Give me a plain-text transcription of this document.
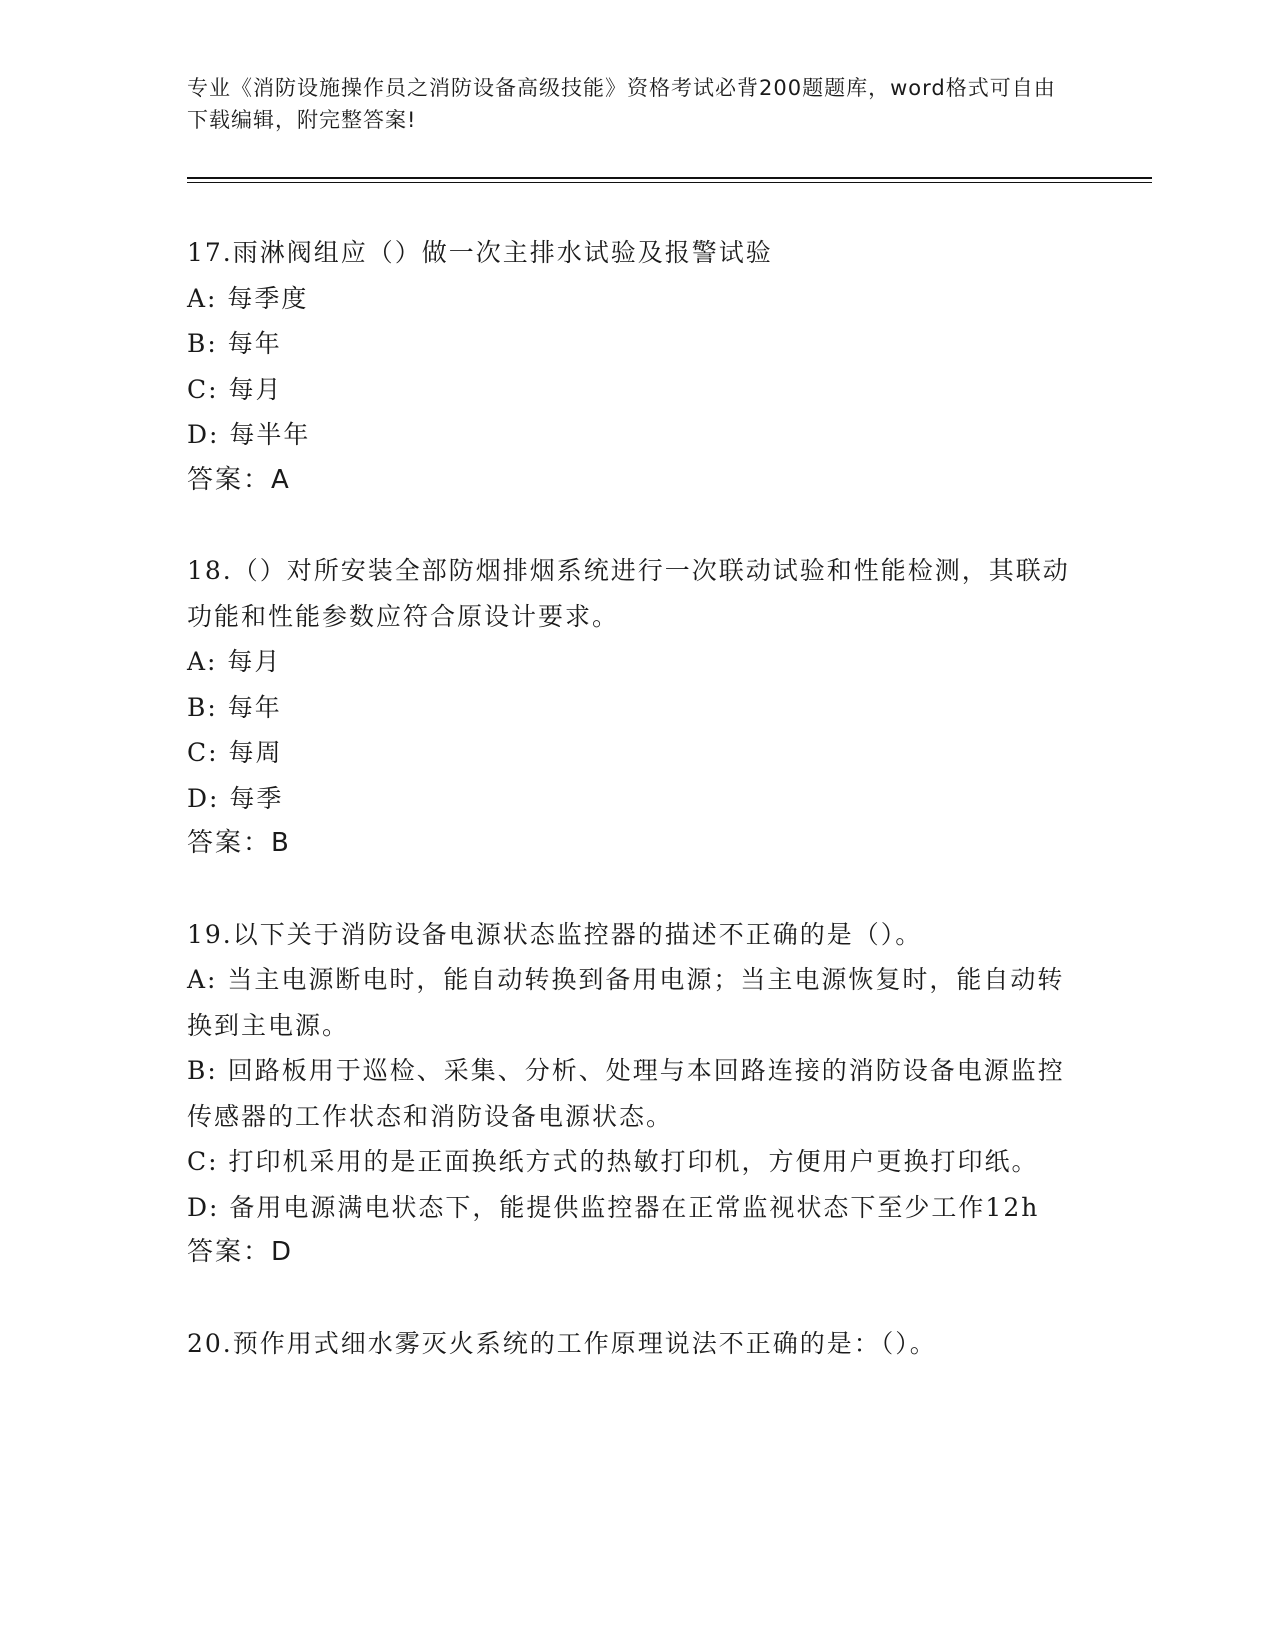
专业《消防设施操作员之消防设备高级技能》资格考试必背200题题库，word格式可自由下载编辑，附完整答案!

17.雨淋阀组应（）做一次主排水试验及报警试验

A: 每季度

B: 每年

C: 每月

D: 每半年

答案：A

18.（）对所安装全部防烟排烟系统进行一次联动试验和性能检测，其联动功能和性能参数应符合原设计要求。

A: 每月

B: 每年

C: 每周

D: 每季

答案：B

19.以下关于消防设备电源状态监控器的描述不正确的是（）。

A: 当主电源断电时，能自动转换到备用电源；当主电源恢复时，能自动转换到主电源。

B: 回路板用于巡检、采集、分析、处理与本回路连接的消防设备电源监控传感器的工作状态和消防设备电源状态。

C: 打印机采用的是正面换纸方式的热敏打印机，方便用户更换打印纸。

D: 备用电源满电状态下，能提供监控器在正常监视状态下至少工作12h

答案：D

20.预作用式细水雾灭火系统的工作原理说法不正确的是：（）。
